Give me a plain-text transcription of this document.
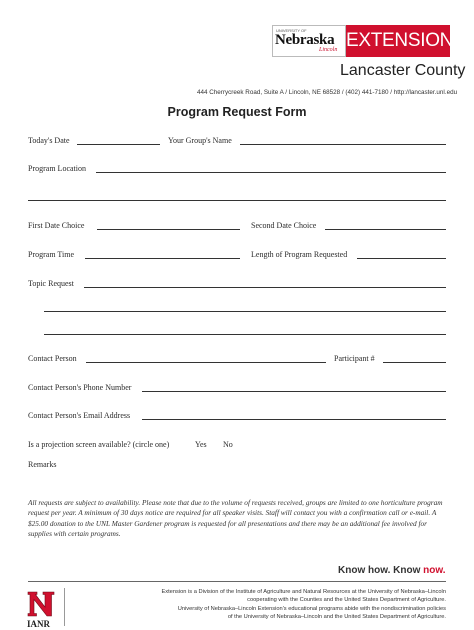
UNIVERSITY OF
Nebraska
Lincoln EXTENSION
Lancaster County
444 Cherrycreek Road, Suite A / Lincoln, NE 68528 / (402) 441-7180 / http://lancaster.unl.edu
Program Request Form
Today's Date	Your Group's Name
Program Location
First Date Choice	Second Date Choice
Program Time	Length of Program Requested
Topic Request
Contact Person	Participant #
Contact Person's Phone Number
Contact Person's Email Address
Is a projection screen available? (circle one)	Yes No
Remarks
All requests are subject to availability. Please note that due to the volume of requests received, groups are limited to one horticulture program request per year. A minimum of 30 days notice are required for all speaker visits. Staff will contact you with a confirmation call or e-mail. A $25.00 donation to the UNL Master Gardener program is requested for all presentations and there may be an additional fee involved for supplies with certain programs.
Know how. Know now.
IANR
Extension is a Division of the Institute of Agriculture and Natural Resources at the University of Nebraska–Lincoln
cooperating with the Counties and the United States Department of Agriculture.
University of Nebraska–Lincoln Extension's educational programs abide with the nondiscrimination policies
of the University of Nebraska–Lincoln and the United States Department of Agriculture.
